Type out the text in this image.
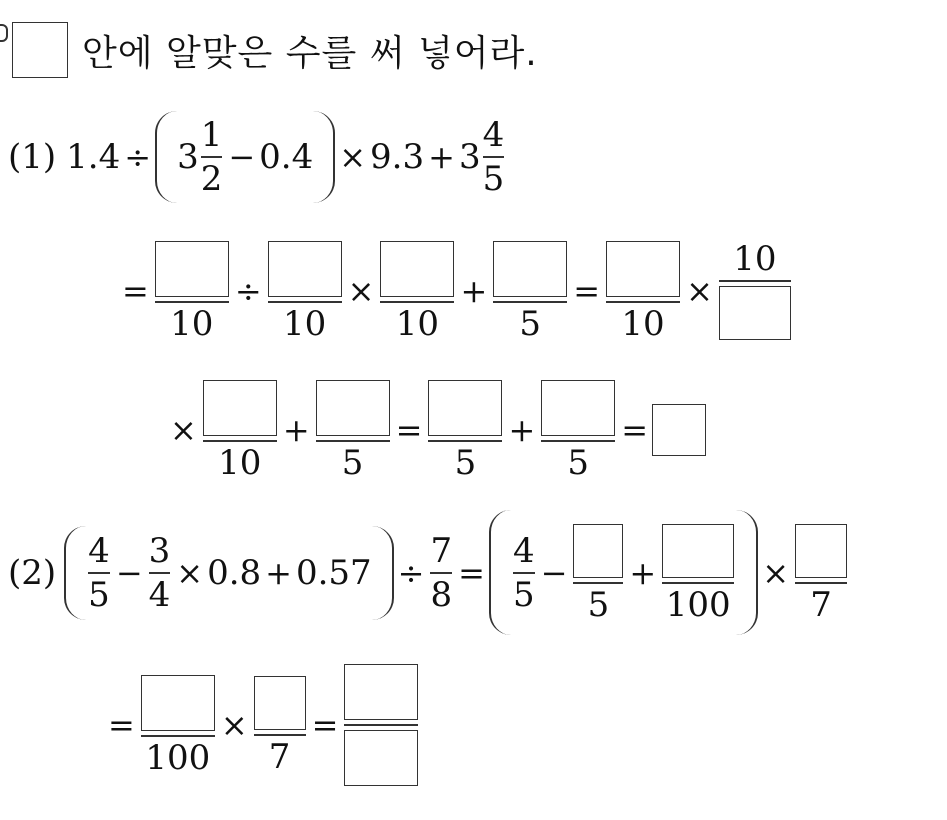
안에 알맞은 수를 써 넣어라.
(1) $1.4 \div 3 \frac{1}{2} - 0.4 \times 9.3 + 3 \frac{4}{5}$
=
10
÷
10
×
10
+
5
=
10
×
10
×
10
+
5
=
5
+
5
=
$(2) \frac{4}{5} - \frac{3}{4} \times 0.8 + 0.57 \div \frac{7}{8} = \frac{4}{5}$ −
5
+
100
×
7
=
100
×
7
=
